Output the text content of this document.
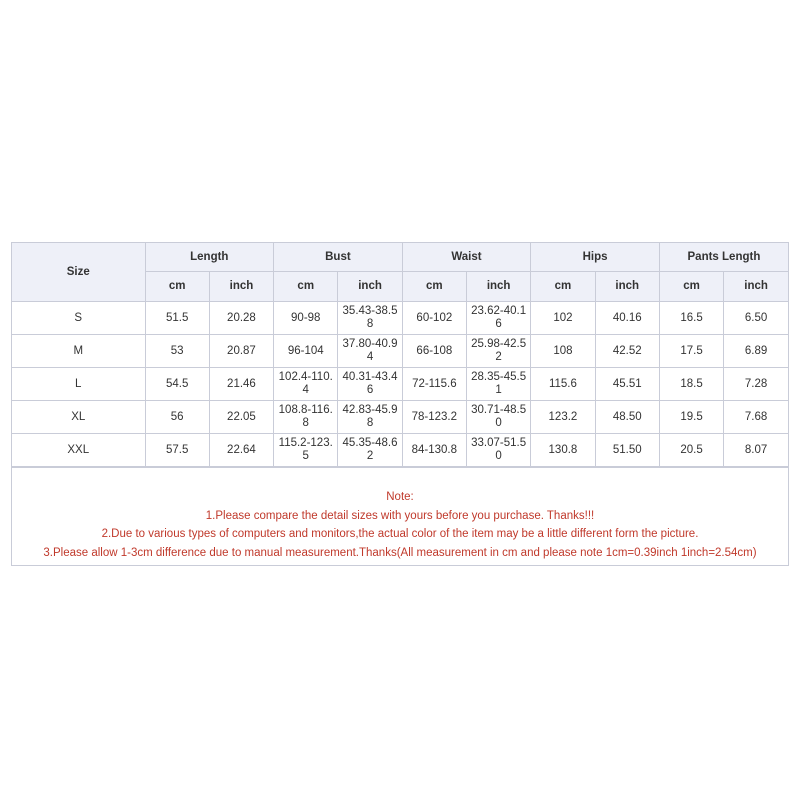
Size	Length		Bust		Waist		Hips		Pants Length	
	cm	inch	cm	inch	cm	inch	cm	inch	cm	inch
S	51.5	20.28	90-98	35.43-38.58	60-102	23.62-40.16	102	40.16	16.5	6.50
M	53	20.87	96-104	37.80-40.94	66-108	25.98-42.52	108	42.52	17.5	6.89
L	54.5	21.46	102.4-110.4	40.31-43.46	72-115.6	28.35-45.51	115.6	45.51	18.5	7.28
XL	56	22.05	108.8-116.8	42.83-45.98	78-123.2	30.71-48.50	123.2	48.50	19.5	7.68
XXL	57.5	22.64	115.2-123.5	45.35-48.62	84-130.8	33.07-51.50	130.8	51.50	20.5	8.07
Note:
1.Please compare the detail sizes with yours before you purchase. Thanks!!!
2.Due to various types of computers and monitors,the actual color of the item may be a little different form the picture.
3.Please allow 1-3cm difference due to manual measurement.Thanks(All measurement in cm and please note 1cm=0.39inch 1inch=2.54cm)
